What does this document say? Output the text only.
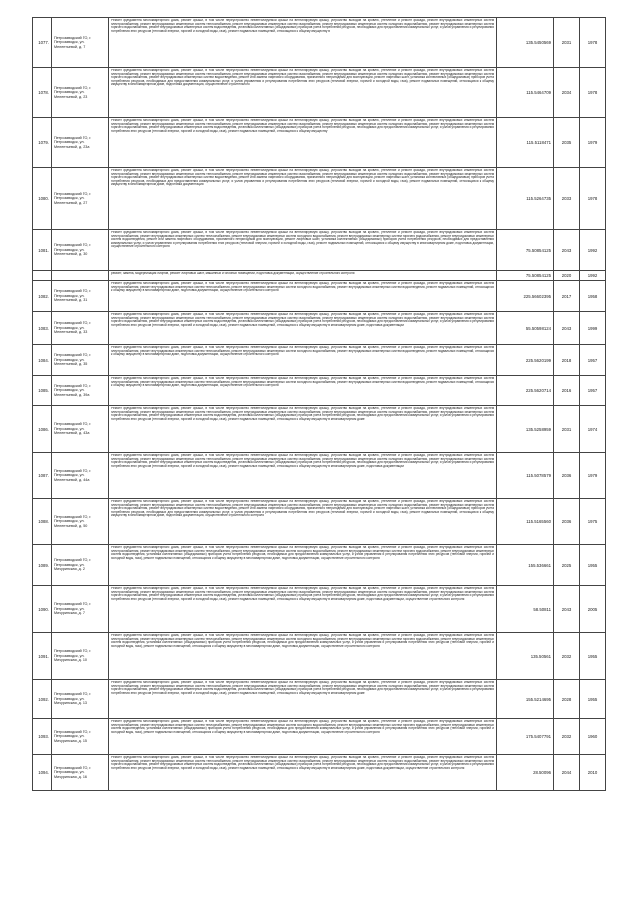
1077.	Петрозаводский ГО, г. Петрозаводск, ул. Мелентьевой, д. 7	Ремонт фундамента многоквартирного дома, ремонт крыши, в том числе переустройство невентилируемой крыши на вентилируемую крышу, устройство выходов на кровлю, утепление и ремонт фасада, ремонт внутридомовых инженерных систем электроснабжения, ремонт внутридомовых инженерных систем теплоснабжения, ремонт внутридомовых инженерных систем газоснабжения, ремонт внутридомовых инженерных систем холодного водоснабжения, ремонт внутридомовых инженерных систем горячего водоснабжения, ремонт внутридомовых инженерных систем водоотведения, установка коллективных (общедомовых) приборов учета потребления ресурсов, необходимых для предоставления коммунальных услуг, и узлов управления и регулирования потребления этих ресурсов (тепловой энергии, горячей и холодной воды, газа), ремонт подвальных помещений, относящихся к общему имуществу в	135.5450569	2031	1978
1078.	Петрозаводский ГО, г. Петрозаводск, ул. Мелентьевой, д. 23	Ремонт фундамента многоквартирного дома, ремонт крыши, в том числе переустройство невентилируемой крыши на вентилируемую крышу, устройство выходов на кровлю, утепление и ремонт фасада, ремонт внутридомовых инженерных систем электроснабжения, ремонт внутридомовых инженерных систем теплоснабжения, ремонт внутридомовых инженерных систем газоснабжения, ремонт внутридомовых инженерных систем холодного водоснабжения, ремонт внутридомовых инженерных систем горячего водоснабжения, ремонт внутридомовых инженерных систем водоотведения, ремонт или замена лифтового оборудования, признанного непригодным для эксплуатации, ремонт лифтовых шахт, установка коллективных (общедомовых) приборов учета потребления ресурсов, необходимых для предоставления коммунальных услуг, и узлов управления и регулирования потребления этих ресурсов (тепловой энергии, горячей и холодной воды, газа), ремонт подвальных помещений, относящихся к общему имуществу в многоквартирном доме, подготовка документации, осуществление строительного	115.5464709	2034	1978
1079.	Петрозаводский ГО, г. Петрозаводск, ул. Мелентьевой, д. 23а	Ремонт фундамента многоквартирного дома, ремонт крыши, в том числе переустройство невентилируемой крыши на вентилируемую крышу, устройство выходов на кровлю, утепление и ремонт фасада, ремонт внутридомовых инженерных систем электроснабжения, ремонт внутридомовых инженерных систем теплоснабжения, ремонт внутридомовых инженерных систем газоснабжения, ремонт внутридомовых инженерных систем холодного водоснабжения, ремонт внутридомовых инженерных систем горячего водоснабжения, ремонт внутридомовых инженерных систем водоотведения, установка коллективных (общедомовых) приборов учета потребления ресурсов, необходимых для предоставления коммунальных услуг, и узлов управления и регулирования потребления этих ресурсов (тепловой энергии, горячей и холодной воды, газа), ремонт подвальных помещений, относящихся к общему имуществу	115.5118471	2035	1979
1080.	Петрозаводский ГО, г. Петрозаводск, ул. Мелентьевой, д. 27	Ремонт фундамента многоквартирного дома, ремонт крыши, в том числе переустройство невентилируемой крыши на вентилируемую крышу, устройство выходов на кровлю, утепление и ремонт фасада, ремонт внутридомовых инженерных систем электроснабжения, ремонт внутридомовых инженерных систем теплоснабжения, ремонт внутридомовых инженерных систем газоснабжения, ремонт внутридомовых инженерных систем холодного водоснабжения, ремонт внутридомовых инженерных систем горячего водоснабжения, ремонт внутридомовых инженерных систем водоотведения, ремонт или замена лифтового оборудования, признанного непригодным для эксплуатации, ремонт лифтовых шахт, установка коллективных (общедомовых) приборов учета потребления ресурсов, необходимых для предоставления коммунальных услуг, и узлов управления и регулирования потребления этих ресурсов (тепловой энергии, горячей и холодной воды, газа), ремонт подвальных помещений, относящихся к общему имуществу в многоквартирном доме, подготовка документации	115.5264735	2033	1978
1081.	Петрозаводский ГО, г. Петрозаводск, ул. Мелентьевой, д. 30	Ремонт фундамента многоквартирного дома, ремонт крыши, в том числе переустройство невентилируемой крыши на вентилируемую крышу, устройство выходов на кровлю, утепление и ремонт фасада, ремонт внутридомовых инженерных систем электроснабжения, ремонт внутридомовых инженерных систем теплоснабжения, ремонт внутридомовых инженерных систем холодного водоснабжения, ремонт внутридомовых инженерных систем горячего водоснабжения, ремонт внутридомовых инженерных систем водоотведения, ремонт или замена лифтового оборудования, признанного непригодным для эксплуатации, ремонт лифтовых шахт, установка коллективных (общедомовых) приборов учета потребления ресурсов, необходимых для предоставления коммунальных услуг, и узлов управления и регулирования потребления этих ресурсов (тепловой энергии, горячей и холодной воды, газа), ремонт подвальных помещений, относящихся к общему имуществу в многоквартирном доме, подготовка документации, осуществление строительного контроля	75.50854125	2043	1992

		ремонт, замена, модернизация лифтов, ремонт лифтовых шахт, машинных и блочных помещений, подготовка документации, осуществление строительного контроля	75.50854125	2020	1992
1082.	Петрозаводский ГО, г. Петрозаводск, ул. Мелентьевой, д. 31	Ремонт фундамента многоквартирного дома, ремонт крыши, в том числе переустройство невентилируемой крыши на вентилируемую крышу, устройство выходов на кровлю, утепление и ремонт фасада, ремонт внутридомовых инженерных систем электроснабжения, ремонт внутридомовых инженерных систем теплоснабжения, ремонт внутридомовых инженерных систем холодного водоснабжения, ремонт внутридомовых инженерных систем водоотведения, ремонт подвальных помещений, относящихся к общему имуществу в многоквартирном доме, подготовка документации, осуществление строительного контроля	225.56602395	2017	1958
1083.	Петрозаводский ГО, г. Петрозаводск, ул. Мелентьевой, д. 33	Ремонт фундамента многоквартирного дома, ремонт крыши, в том числе переустройство невентилируемой крыши на вентилируемую крышу, устройство выходов на кровлю, утепление и ремонт фасада, ремонт внутридомовых инженерных систем электроснабжения, ремонт внутридомовых инженерных систем теплоснабжения, ремонт внутридомовых инженерных систем газоснабжения, ремонт внутридомовых инженерных систем холодного водоснабжения, ремонт внутридомовых инженерных систем горячего водоснабжения, ремонт внутридомовых инженерных систем водоотведения, установка коллективных (общедомовых) приборов учета потребления ресурсов, необходимых для предоставления коммунальных услуг, и узлов управления и регулирования потребления этих ресурсов (тепловой энергии, горячей и холодной воды, газа), ремонт подвальных помещений, относящихся к общему имуществу в многоквартирном доме, подготовка документации	55.50598124	2043	1999
1084.	Петрозаводский ГО, г. Петрозаводск, ул. Мелентьевой, д. 35	Ремонт фундамента многоквартирного дома, ремонт крыши, в том числе переустройство невентилируемой крыши на вентилируемую крышу, устройство выходов на кровлю, утепление и ремонт фасада, ремонт внутридомовых инженерных систем электроснабжения, ремонт внутридомовых инженерных систем теплоснабжения, ремонт внутридомовых инженерных систем холодного водоснабжения, ремонт внутридомовых инженерных систем водоотведения, ремонт подвальных помещений, относящихся к общему имуществу в многоквартирном доме, подготовка документации, осуществление строительного контроля	225.5620199	2018	1957
1085.	Петрозаводский ГО, г. Петрозаводск, ул. Мелентьевой, д. 39а	Ремонт фундамента многоквартирного дома, ремонт крыши, в том числе переустройство невентилируемой крыши на вентилируемую крышу, устройство выходов на кровлю, утепление и ремонт фасада, ремонт внутридомовых инженерных систем электроснабжения, ремонт внутридомовых инженерных систем теплоснабжения, ремонт внутридомовых инженерных систем холодного водоснабжения, ремонт внутридомовых инженерных систем водоотведения, ремонт подвальных помещений, относящихся к общему имуществу в многоквартирном доме, подготовка документации, осуществление строительного контроля	225.5620714	2016	1957
1086.	Петрозаводский ГО, г. Петрозаводск, ул. Мелентьевой, д. 43а	Ремонт фундамента многоквартирного дома, ремонт крыши, в том числе переустройство невентилируемой крыши на вентилируемую крышу, устройство выходов на кровлю, утепление и ремонт фасада, ремонт внутридомовых инженерных систем электроснабжения, ремонт внутридомовых инженерных систем теплоснабжения, ремонт внутридомовых инженерных систем газоснабжения, ремонт внутридомовых инженерных систем холодного водоснабжения, ремонт внутридомовых инженерных систем горячего водоснабжения, ремонт внутридомовых инженерных систем водоотведения, установка коллективных (общедомовых) приборов учета потребления ресурсов, необходимых для предоставления коммунальных услуг, и узлов управления и регулирования потребления этих ресурсов (тепловой энергии, горячей и холодной воды, газа), ремонт подвальных помещений, относящихся к общему имуществу в многоквартирном доме	135.5258959	2031	1974
1087.	Петрозаводский ГО, г. Петрозаводск, ул. Мелентьевой, д. 44а	Ремонт фундамента многоквартирного дома, ремонт крыши, в том числе переустройство невентилируемой крыши на вентилируемую крышу, устройство выходов на кровлю, утепление и ремонт фасада, ремонт внутридомовых инженерных систем электроснабжения, ремонт внутридомовых инженерных систем теплоснабжения, ремонт внутридомовых инженерных систем газоснабжения, ремонт внутридомовых инженерных систем холодного водоснабжения, ремонт внутридомовых инженерных систем горячего водоснабжения, ремонт внутридомовых инженерных систем водоотведения, установка коллективных (общедомовых) приборов учета потребления ресурсов, необходимых для предоставления коммунальных услуг, и узлов управления и регулирования потребления этих ресурсов (тепловой энергии, горячей и холодной воды, газа), ремонт подвальных помещений, относящихся к общему имуществу в многоквартирном доме, подготовка документации	115.5078579	2036	1979
1088.	Петрозаводский ГО, г. Петрозаводск, ул. Мелентьевой, д. 50	Ремонт фундамента многоквартирного дома, ремонт крыши, в том числе переустройство невентилируемой крыши на вентилируемую крышу, устройство выходов на кровлю, утепление и ремонт фасада, ремонт внутридомовых инженерных систем электроснабжения, ремонт внутридомовых инженерных систем теплоснабжения, ремонт внутридомовых инженерных систем газоснабжения, ремонт внутридомовых инженерных систем холодного водоснабжения, ремонт внутридомовых инженерных систем горячего водоснабжения, ремонт внутридомовых инженерных систем водоотведения, ремонт или замена лифтового оборудования, признанного непригодным для эксплуатации, ремонт лифтовых шахт, установка коллективных (общедомовых) приборов учета потребления ресурсов, необходимых для предоставления коммунальных услуг, и узлов управления и регулирования потребления этих ресурсов (тепловой энергии, горячей и холодной воды, газа), ремонт подвальных помещений, относящихся к общему имуществу в многоквартирном доме, подготовка документации, осуществление строительного контроля	115.5165560	2036	1975
1089.	Петрозаводский ГО, г. Петрозаводск, ул. Мичуринская, д. 2	Ремонт фундамента многоквартирного дома, ремонт крыши, в том числе переустройство невентилируемой крыши на вентилируемую крышу, устройство выходов на кровлю, утепление и ремонт фасада, ремонт внутридомовых инженерных систем электроснабжения, ремонт внутридомовых инженерных систем теплоснабжения, ремонт внутридомовых инженерных систем холодного водоснабжения, ремонт внутридомовых инженерных систем горячего водоснабжения, ремонт внутридомовых инженерных систем водоотведения, установка коллективных (общедомовых) приборов учета потребления ресурсов, необходимых для предоставления коммунальных услуг, и узлов управления и регулирования потребления этих ресурсов (тепловой энергии, горячей и холодной воды, газа), ремонт подвальных помещений, относящихся к общему имуществу в многоквартирном доме, подготовка документации, осуществление строительного контроля	155.536661	2025	1955
1090.	Петрозаводский ГО, г. Петрозаводск, ул. Мичуринская, д. 7	Ремонт фундамента многоквартирного дома, ремонт крыши, в том числе переустройство невентилируемой крыши на вентилируемую крышу, устройство выходов на кровлю, утепление и ремонт фасада, ремонт внутридомовых инженерных систем электроснабжения, ремонт внутридомовых инженерных систем теплоснабжения, ремонт внутридомовых инженерных систем газоснабжения, ремонт внутридомовых инженерных систем холодного водоснабжения, ремонт внутридомовых инженерных систем горячего водоснабжения, ремонт внутридомовых инженерных систем водоотведения, установка коллективных (общедомовых) приборов учета потребления ресурсов, необходимых для предоставления коммунальных услуг, и узлов управления и регулирования потребления этих ресурсов (тепловой энергии, горячей и холодной воды, газа), ремонт подвальных помещений, относящихся к общему имуществу в многоквартирном доме, подготовка документации, осуществление строительного контроля	58.50811	2043	2005
1091.	Петрозаводский ГО, г. Петрозаводск, ул. Мичуринская, д. 10	Ремонт фундамента многоквартирного дома, ремонт крыши, в том числе переустройство невентилируемой крыши на вентилируемую крышу, устройство выходов на кровлю, утепление и ремонт фасада, ремонт внутридомовых инженерных систем электроснабжения, ремонт внутридомовых инженерных систем теплоснабжения, ремонт внутридомовых инженерных систем холодного водоснабжения, ремонт внутридомовых инженерных систем горячего водоснабжения, ремонт внутридомовых инженерных систем водоотведения, установка коллективных (общедомовых) приборов учета потребления ресурсов, необходимых для предоставления коммунальных услуг, и узлов управления и регулирования потребления этих ресурсов (тепловой энергии, горячей и холодной воды, газа), ремонт подвальных помещений, относящихся к общему имуществу в многоквартирном доме, подготовка документации, осуществление строительного контроля	135.50561	2032	1955
1092.	Петрозаводский ГО, г. Петрозаводск, ул. Мичуринская, д. 13	Ремонт фундамента многоквартирного дома, ремонт крыши, в том числе переустройство невентилируемой крыши на вентилируемую крышу, устройство выходов на кровлю, утепление и ремонт фасада, ремонт внутридомовых инженерных систем электроснабжения, ремонт внутридомовых инженерных систем теплоснабжения, ремонт внутридомовых инженерных систем газоснабжения, ремонт внутридомовых инженерных систем холодного водоснабжения, ремонт внутридомовых инженерных систем горячего водоснабжения, ремонт внутридомовых инженерных систем водоотведения, установка коллективных (общедомовых) приборов учета потребления ресурсов, необходимых для предоставления коммунальных услуг, и узлов управления и регулирования потребления этих ресурсов (тепловой энергии, горячей и холодной воды, газа), ремонт подвальных помещений, относящихся к общему имуществу в многоквартирном доме	155.5214695	2028	1955
1093.	Петрозаводский ГО, г. Петрозаводск, ул. Мичуринская, д. 15	Ремонт фундамента многоквартирного дома, ремонт крыши, в том числе переустройство невентилируемой крыши на вентилируемую крышу, устройство выходов на кровлю, утепление и ремонт фасада, ремонт внутридомовых инженерных систем электроснабжения, ремонт внутридомовых инженерных систем теплоснабжения, ремонт внутридомовых инженерных систем холодного водоснабжения, ремонт внутридомовых инженерных систем горячего водоснабжения, ремонт внутридомовых инженерных систем водоотведения, установка коллективных (общедомовых) приборов учета потребления ресурсов, необходимых для предоставления коммунальных услуг, и узлов управления и регулирования потребления этих ресурсов (тепловой энергии, горячей и холодной воды, газа), ремонт подвальных помещений, относящихся к общему имуществу в многоквартирном доме, подготовка документации, осуществление строительного контроля	175.5407791	2032	1960
1094.	Петрозаводский ГО, г. Петрозаводск, ул. Мичуринская, д. 16	Ремонт фундамента многоквартирного дома, ремонт крыши, в том числе переустройство невентилируемой крыши на вентилируемую крышу, устройство выходов на кровлю, утепление и ремонт фасада, ремонт внутридомовых инженерных систем электроснабжения, ремонт внутридомовых инженерных систем теплоснабжения, ремонт внутридомовых инженерных систем газоснабжения, ремонт внутридомовых инженерных систем холодного водоснабжения, ремонт внутридомовых инженерных систем горячего водоснабжения, ремонт внутридомовых инженерных систем водоотведения, установка коллективных (общедомовых) приборов учета потребления ресурсов, необходимых для предоставления коммунальных услуг, и узлов управления и регулирования потребления этих ресурсов (тепловой энергии, горячей и холодной воды, газа), ремонт подвальных помещений, относящихся к общему имуществу в многоквартирном доме, подготовка документации, осуществление строительного контроля	28.50096	2044	2010
